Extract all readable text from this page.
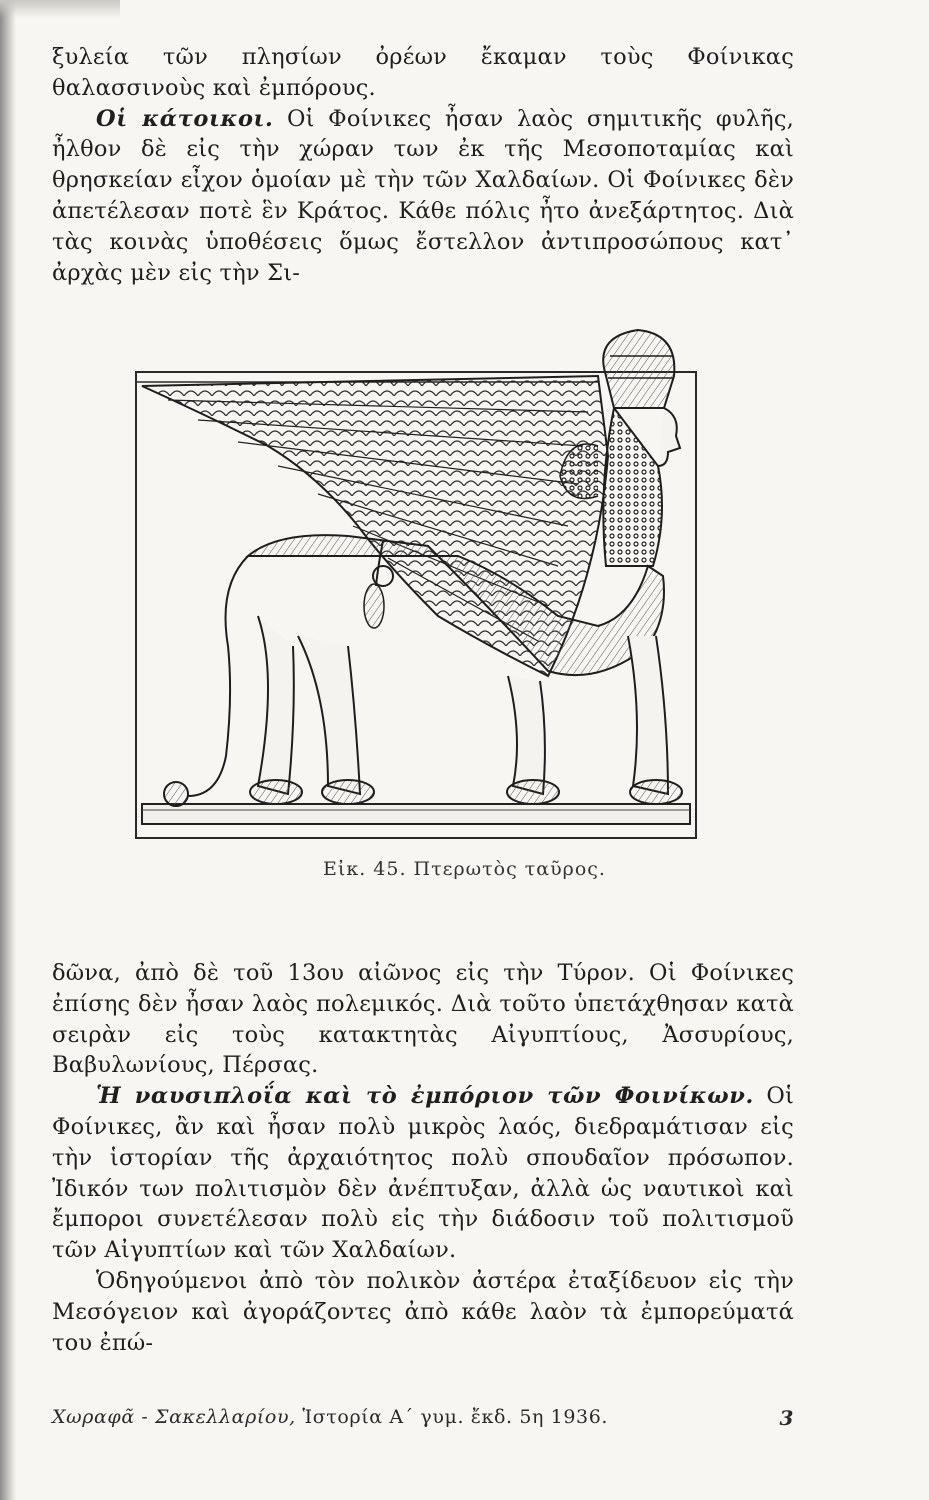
ξυλεία τῶν πλησίων ὀρέων ἔκαμαν τοὺς Φοίνικας θαλασσινοὺς καὶ ἐμπόρους.

Οἱ κάτοικοι. Οἱ Φοίνικες ἦσαν λαὸς σημιτικῆς φυλῆς, ἦλθον δὲ εἰς τὴν χώραν των ἐκ τῆς Μεσοποταμίας καὶ θρησκείαν εἶχον ὁμοίαν μὲ τὴν τῶν Χαλδαίων. Οἱ Φοίνικες δὲν ἀπετέλεσαν ποτὲ ἓν Κράτος. Κάθε πόλις ἦτο ἀνεξάρτητος. Διὰ τὰς κοινὰς ὑποθέσεις ὅμως ἔστελλον ἀντιπροσώπους κατ᾽ ἀρχὰς μὲν εἰς τὴν Σι-

Εἰκ. 45. Πτερωτὸς ταῦρος.

δῶνα, ἀπὸ δὲ τοῦ 13ου αἰῶνος εἰς τὴν Τύρον. Οἱ Φοίνικες ἐπίσης δὲν ἦσαν λαὸς πολεμικός. Διὰ τοῦτο ὑπετάχθησαν κατὰ σειρὰν εἰς τοὺς κατακτητὰς Αἰγυπτίους, Ἀσσυρίους, Βαβυλωνίους, Πέρσας.

Ἡ ναυσιπλοΐα καὶ τὸ ἐμπόριον τῶν Φοινίκων. Οἱ Φοίνικες, ἂν καὶ ἦσαν πολὺ μικρὸς λαός, διεδραμάτισαν εἰς τὴν ἱστορίαν τῆς ἀρχαιότητος πολὺ σπουδαῖον πρόσωπον. Ἰδικόν των πολιτισμὸν δὲν ἀνέπτυξαν, ἀλλὰ ὡς ναυτικοὶ καὶ ἔμποροι συνετέλεσαν πολὺ εἰς τὴν διάδοσιν τοῦ πολιτισμοῦ τῶν Αἰγυπτίων καὶ τῶν Χαλδαίων.

Ὁδηγούμενοι ἀπὸ τὸν πολικὸν ἀστέρα ἐταξίδευον εἰς τὴν Μεσόγειον καὶ ἀγοράζοντες ἀπὸ κάθε λαὸν τὰ ἐμπορεύματά του ἐπώ-

Χωραφᾶ - Σακελλαρίου, Ἱστορία Α΄ γυμ. ἔκδ. 5η 1936.	3
